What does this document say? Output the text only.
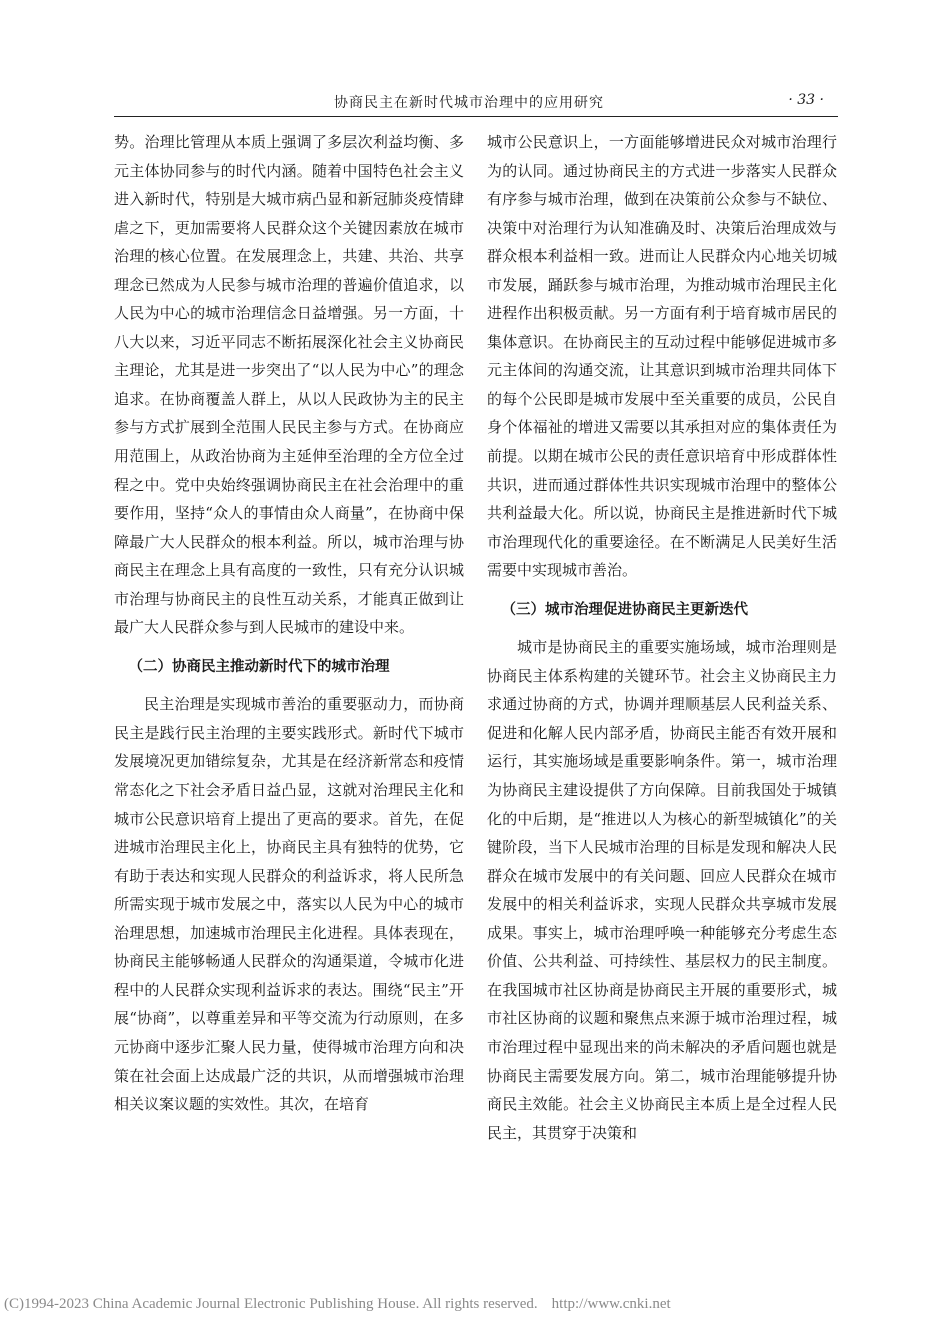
协商民主在新时代城市治理中的应用研究	· 33 ·

势。治理比管理从本质上强调了多层次利益均衡、多元主体协同参与的时代内涵。随着中国特色社会主义进入新时代，特别是大城市病凸显和新冠肺炎疫情肆虐之下，更加需要将人民群众这个关键因素放在城市治理的核心位置。在发展理念上，共建、共治、共享理念已然成为人民参与城市治理的普遍价值追求，以人民为中心的城市治理信念日益增强。另一方面，十八大以来，习近平同志不断拓展深化社会主义协商民主理论，尤其是进一步突出了“以人民为中心”的理念追求。在协商覆盖人群上，从以人民政协为主的民主参与方式扩展到全范围人民民主参与方式。在协商应用范围上，从政治协商为主延伸至治理的全方位全过程之中。党中央始终强调协商民主在社会治理中的重要作用，坚持“众人的事情由众人商量”，在协商中保障最广大人民群众的根本利益。所以，城市治理与协商民主在理念上具有高度的一致性，只有充分认识城市治理与协商民主的良性互动关系，才能真正做到让最广大人民群众参与到人民城市的建设中来。

（二）协商民主推动新时代下的城市治理

民主治理是实现城市善治的重要驱动力，而协商民主是践行民主治理的主要实践形式。新时代下城市发展境况更加错综复杂，尤其是在经济新常态和疫情常态化之下社会矛盾日益凸显，这就对治理民主化和城市公民意识培育上提出了更高的要求。首先，在促进城市治理民主化上，协商民主具有独特的优势，它有助于表达和实现人民群众的利益诉求，将人民所急所需实现于城市发展之中，落实以人民为中心的城市治理思想，加速城市治理民主化进程。具体表现在，协商民主能够畅通人民群众的沟通渠道，令城市化进程中的人民群众实现利益诉求的表达。围绕“民主”开展“协商”，以尊重差异和平等交流为行动原则，在多元协商中逐步汇聚人民力量，使得城市治理方向和决策在社会面上达成最广泛的共识，从而增强城市治理相关议案议题的实效性。其次，在培育

城市公民意识上，一方面能够增进民众对城市治理行为的认同。通过协商民主的方式进一步落实人民群众有序参与城市治理，做到在决策前公众参与不缺位、决策中对治理行为认知准确及时、决策后治理成效与群众根本利益相一致。进而让人民群众内心地关切城市发展，踊跃参与城市治理，为推动城市治理民主化进程作出积极贡献。另一方面有利于培育城市居民的集体意识。在协商民主的互动过程中能够促进城市多元主体间的沟通交流，让其意识到城市治理共同体下的每个公民即是城市发展中至关重要的成员，公民自身个体福祉的增进又需要以其承担对应的集体责任为前提。以期在城市公民的责任意识培育中形成群体性共识，进而通过群体性共识实现城市治理中的整体公共利益最大化。所以说，协商民主是推进新时代下城市治理现代化的重要途径。在不断满足人民美好生活需要中实现城市善治。

（三）城市治理促进协商民主更新迭代

城市是协商民主的重要实施场域，城市治理则是协商民主体系构建的关键环节。社会主义协商民主力求通过协商的方式，协调并理顺基层人民利益关系、促进和化解人民内部矛盾，协商民主能否有效开展和运行，其实施场域是重要影响条件。第一，城市治理为协商民主建设提供了方向保障。目前我国处于城镇化的中后期，是“推进以人为核心的新型城镇化”的关键阶段，当下人民城市治理的目标是发现和解决人民群众在城市发展中的有关问题、回应人民群众在城市发展中的相关利益诉求，实现人民群众共享城市发展成果。事实上，城市治理呼唤一种能够充分考虑生态价值、公共利益、可持续性、基层权力的民主制度。在我国城市社区协商是协商民主开展的重要形式，城市社区协商的议题和聚焦点来源于城市治理过程，城市治理过程中显现出来的尚未解决的矛盾问题也就是协商民主需要发展方向。第二，城市治理能够提升协商民主效能。社会主义协商民主本质上是全过程人民民主，其贯穿于决策和

(C)1994-2023 China Academic Journal Electronic Publishing House. All rights reserved. http://www.cnki.net
